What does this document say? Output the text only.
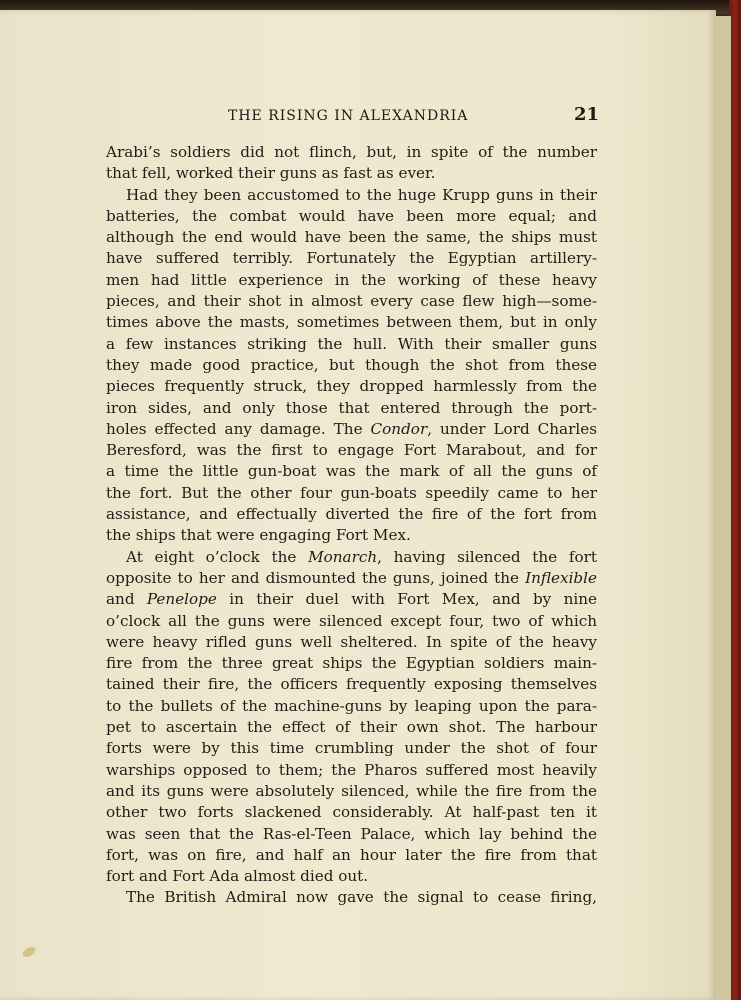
THE RISING IN ALEXANDRIA	21
Arabi’s soldiers did not flinch, but, in spite of the number
that fell, worked their guns as fast as ever.
Had they been accustomed to the huge Krupp guns in their
batteries, the combat would have been more equal; and
although the end would have been the same, the ships must
have suffered terribly. Fortunately the Egyptian artillery-
men had little experience in the working of these heavy
pieces, and their shot in almost every case flew high—some-
times above the masts, sometimes between them, but in only
a few instances striking the hull. With their smaller guns
they made good practice, but though the shot from these
pieces frequently struck, they dropped harmlessly from the
iron sides, and only those that entered through the port-
holes effected any damage. The Condor, under Lord Charles
Beresford, was the first to engage Fort Marabout, and for
a time the little gun-boat was the mark of all the guns of
the fort. But the other four gun-boats speedily came to her
assistance, and effectually diverted the fire of the fort from
the ships that were engaging Fort Mex.
At eight o’clock the Monarch, having silenced the fort
opposite to her and dismounted the guns, joined the Inflexible
and Penelope in their duel with Fort Mex, and by nine
o’clock all the guns were silenced except four, two of which
were heavy rifled guns well sheltered. In spite of the heavy
fire from the three great ships the Egyptian soldiers main-
tained their fire, the officers frequently exposing themselves
to the bullets of the machine-guns by leaping upon the para-
pet to ascertain the effect of their own shot. The harbour
forts were by this time crumbling under the shot of four
warships opposed to them; the Pharos suffered most heavily
and its guns were absolutely silenced, while the fire from the
other two forts slackened considerably. At half-past ten it
was seen that the Ras-el-Teen Palace, which lay behind the
fort, was on fire, and half an hour later the fire from that
fort and Fort Ada almost died out.
The British Admiral now gave the signal to cease firing,
